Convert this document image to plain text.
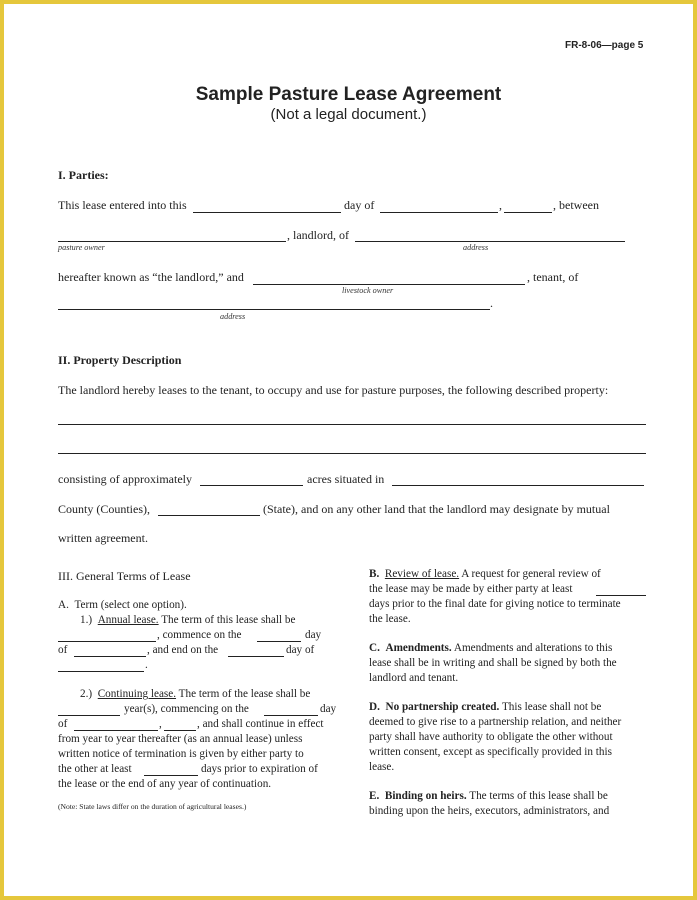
FR-8-06—page 5
Sample Pasture Lease Agreement
(Not a legal document.)
I. Parties:
This lease entered into this	day of	,	, between
, landlord, of
pasture owner	address
hereafter known as “the landlord,” and	, tenant, of
livestock owner
.
address
II. Property Description
The landlord hereby leases to the tenant, to occupy and use for pasture purposes, the following described property:
consisting of approximately	acres situated in
County (Counties),	(State), and on any other land that the landlord may designate by mutual
written agreement.
III. General Terms of Lease
A. Term (select one option).
1.) Annual lease. The term of this lease shall be
, commence on the	day
of	, and end on the	day of
.
2.) Continuing lease. The term of the lease shall be
year(s), commencing on the	day
of	,	, and shall continue in effect
from year to year thereafter (as an annual lease) unless
written notice of termination is given by either party to
the other at least	days prior to expiration of
the lease or the end of any year of continuation.
(Note: State laws differ on the duration of agricultural leases.)
B. Review of lease. A request for general review of
the lease may be made by either party at least
days prior to the final date for giving notice to terminate
the lease.
C. Amendments. Amendments and alterations to this
lease shall be in writing and shall be signed by both the
landlord and tenant.
D. No partnership created. This lease shall not be
deemed to give rise to a partnership relation, and neither
party shall have authority to obligate the other without
written consent, except as specifically provided in this
lease.
E. Binding on heirs. The terms of this lease shall be
binding upon the heirs, executors, administrators, and
